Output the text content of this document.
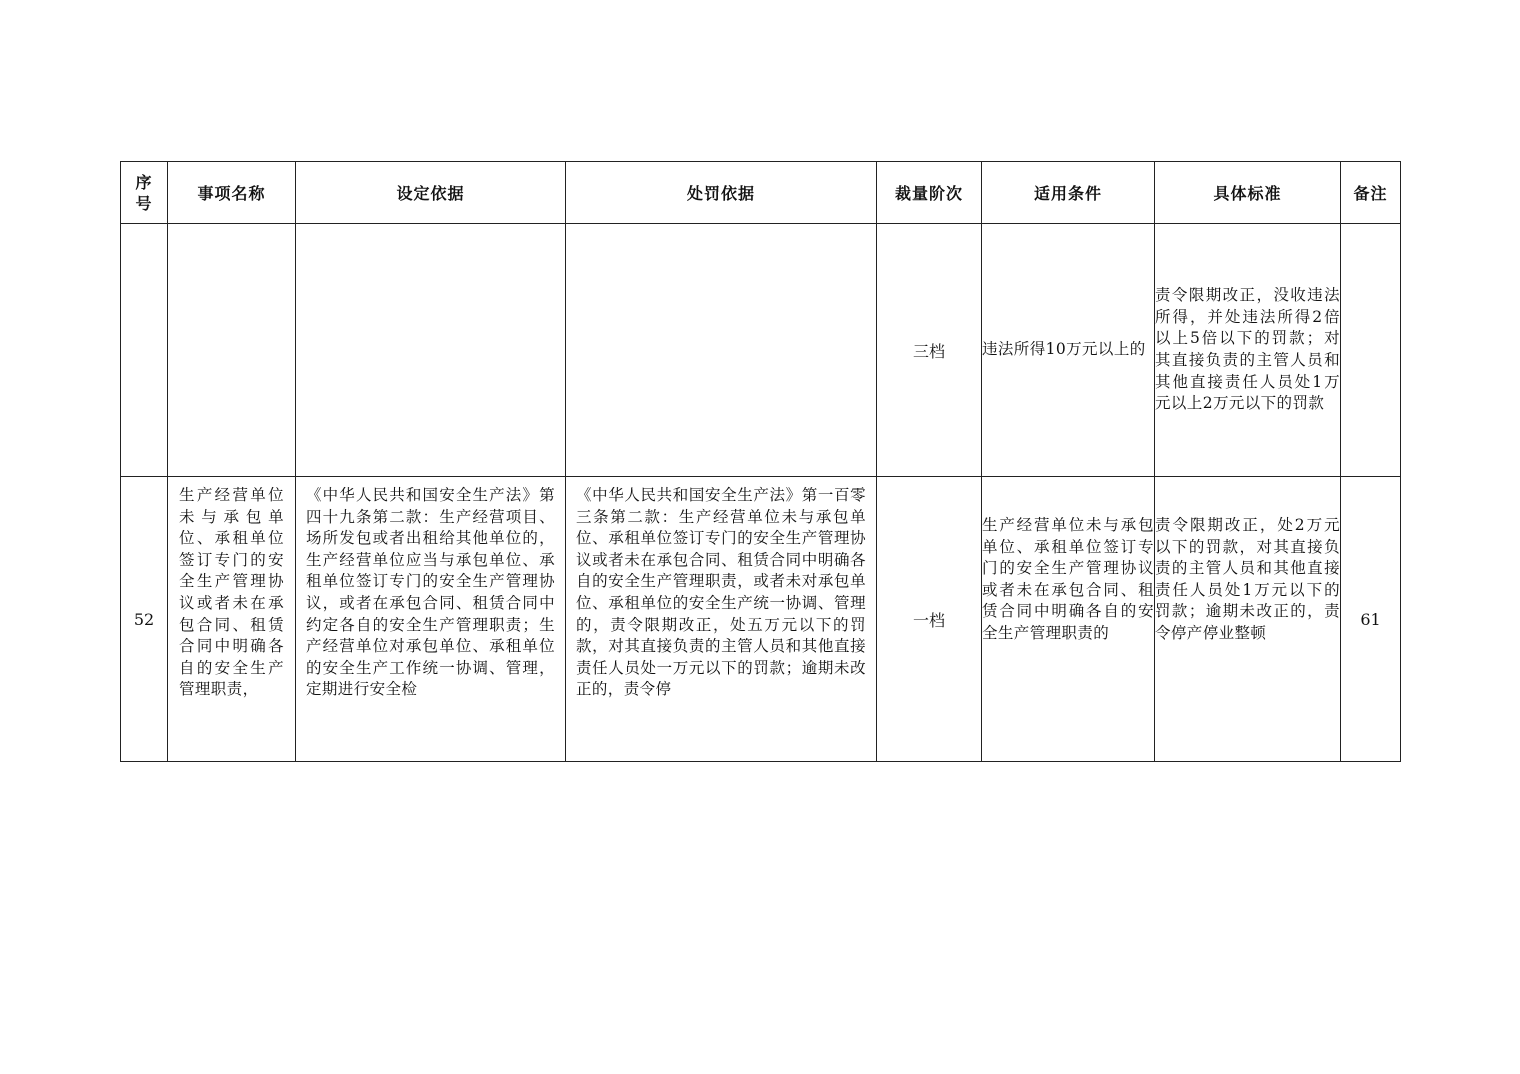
序
号	事项名称	设定依据	处罚依据	裁量阶次	适用条件	具体标准	备注
				三档	违法所得10万元以上的	责令限期改正，没收违法所得，并处违法所得2倍以上5倍以下的罚款；对其直接负责的主管人员和其他直接责任人员处1万元以上2万元以下的罚款	
52	生产经营单位未与承包单位、承租单位签订专门的安全生产管理协议或者未在承包合同、租赁合同中明确各自的安全生产管理职责，	《中华人民共和国安全生产法》第四十九条第二款：生产经营项目、场所发包或者出租给其他单位的，生产经营单位应当与承包单位、承租单位签订专门的安全生产管理协议，或者在承包合同、租赁合同中约定各自的安全生产管理职责；生产经营单位对承包单位、承租单位的安全生产工作统一协调、管理，定期进行安全检	《中华人民共和国安全生产法》第一百零三条第二款：生产经营单位未与承包单位、承租单位签订专门的安全生产管理协议或者未在承包合同、租赁合同中明确各自的安全生产管理职责，或者未对承包单位、承租单位的安全生产统一协调、管理的，责令限期改正，处五万元以下的罚款，对其直接负责的主管人员和其他直接责任人员处一万元以下的罚款；逾期未改正的，责令停	一档	生产经营单位未与承包单位、承租单位签订专门的安全生产管理协议或者未在承包合同、租赁合同中明确各自的安全生产管理职责的	责令限期改正，处2万元以下的罚款，对其直接负责的主管人员和其他直接责任人员处1万元以下的罚款；逾期未改正的，责令停产停业整顿	61
